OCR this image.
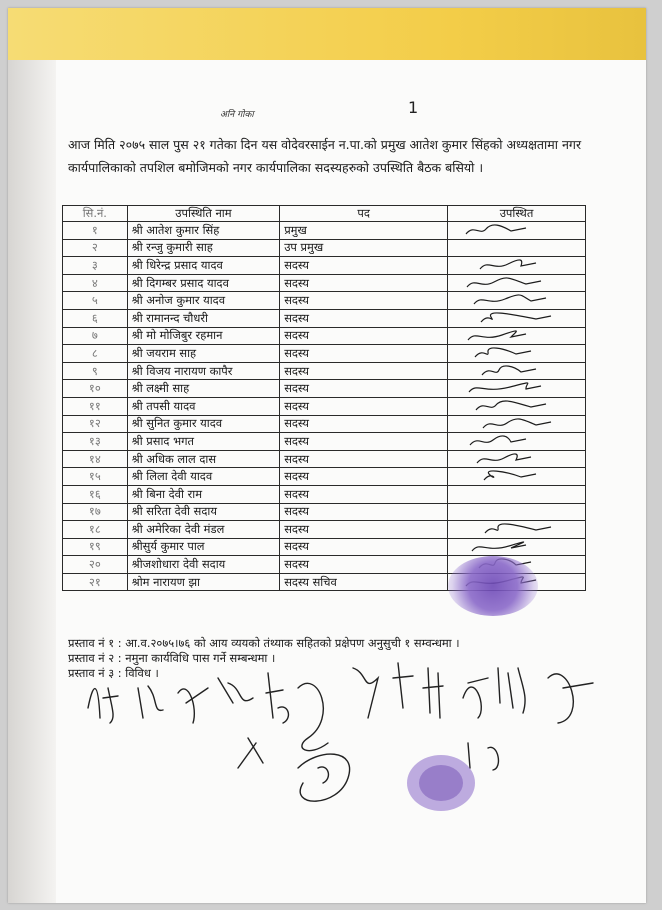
1
अनि गोका
आज मिति २०७५ साल पुस २१ गतेका दिन यस वोदेवरसाईन न.पा.को प्रमुख आतेश कुमार सिंहको अध्यक्षतामा नगर कार्यपालिकाको तपशिल बमोजिमको नगर कार्यपालिका सदस्यहरुको उपस्थिति बैठक बसियो ।
सि.नं.	उपस्थिति नाम	पद	उपस्थित
१	श्री आतेश कुमार सिंह	प्रमुख	

२	श्री रन्जु कुमारी साह	उप प्रमुख	
३	श्री धिरेन्द्र प्रसाद यादव	सदस्य	

४	श्री दिगम्बर प्रसाद यादव	सदस्य	

५	श्री अनोज कुमार यादव	सदस्य	

६	श्री रामानन्द चौधरी	सदस्य	

७	श्री मो मोजिबुर रहमान	सदस्य	

८	श्री जयराम साह	सदस्य	

९	श्री विजय नारायण कापैर	सदस्य	

१०	श्री लक्ष्मी साह	सदस्य	

११	श्री तपसी यादव	सदस्य	

१२	श्री सुनित कुमार यादव	सदस्य	

१३	श्री प्रसाद भगत	सदस्य	

१४	श्री अधिक लाल दास	सदस्य	

१५	श्री लिला देवी यादव	सदस्य	

१६	श्री बिना देवी राम	सदस्य	
१७	श्री सरिता देवी सदाय	सदस्य	
१८	श्री अमेरिका देवी मंडल	सदस्य	

१९	श्रीसुर्य कुमार पाल	सदस्य	

२०	श्रीजशोधारा देवी सदाय	सदस्य	

२१	श्रोम नारायण झा	सदस्य सचिव	
प्रस्ताव नं १ : आ.व.२०७५।७६ को आय व्ययको तंथ्याक सहितको प्रक्षेपण अनुसुची १ सम्वन्धमा ।
प्रस्ताव नं २ : नमुना कार्यविधि पास गर्ने सम्बन्धमा ।
प्रस्ताव नं ३ : विविध ।
